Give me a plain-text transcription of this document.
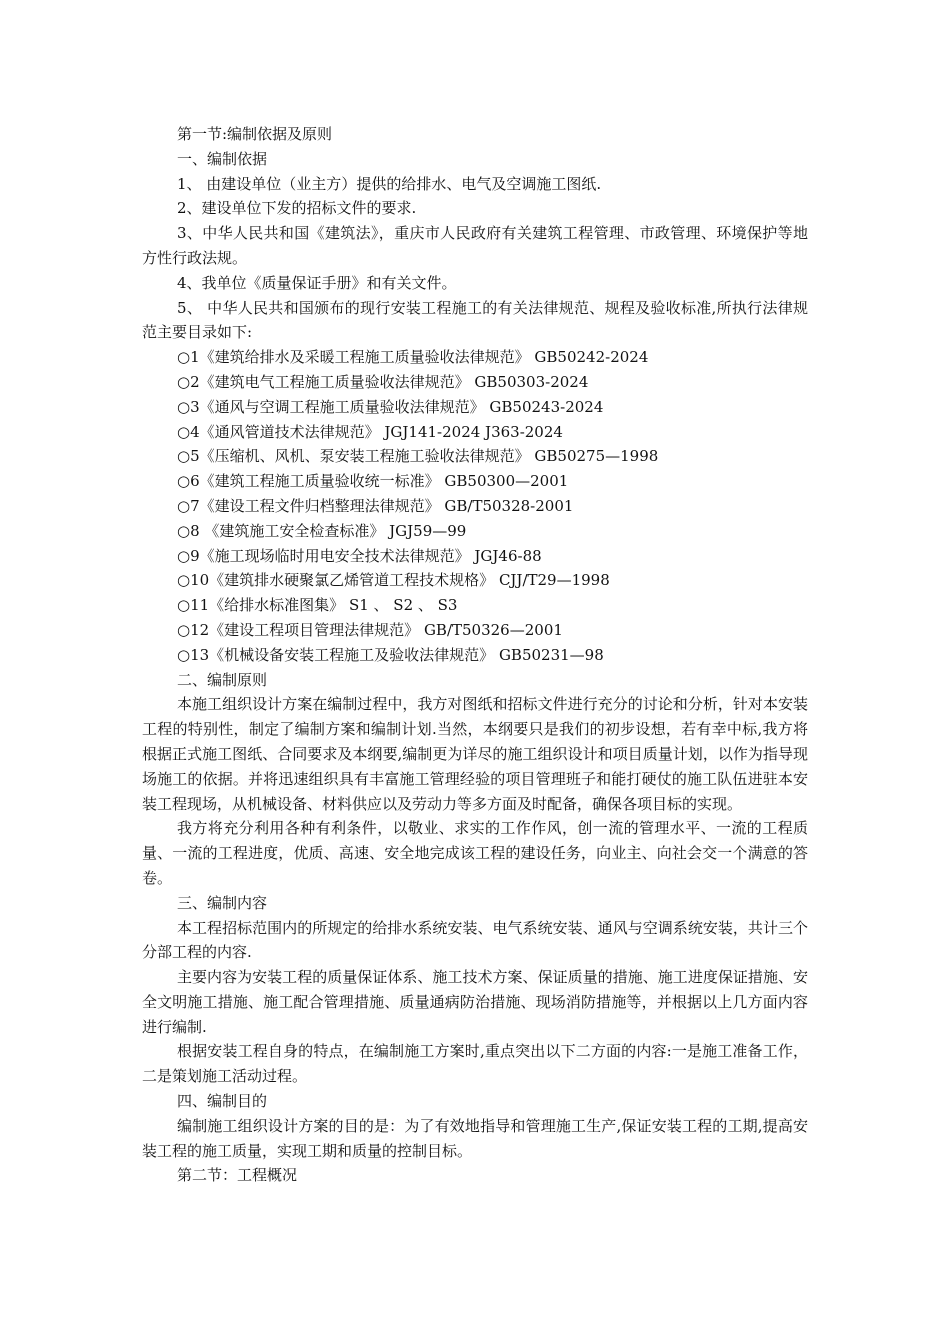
第一节:编制依据及原则

一、编制依据

1、 由建设单位（业主方）提供的给排水、电气及空调施工图纸.

2、建设单位下发的招标文件的要求.

3、中华人民共和国《建筑法》，重庆市人民政府有关建筑工程管理、市政管理、环境保护等地方性行政法规。

4、我单位《质量保证手册》和有关文件。

5、 中华人民共和国颁布的现行安装工程施工的有关法律规范、规程及验收标准,所执行法律规范主要目录如下:

○1《建筑给排水及采暖工程施工质量验收法律规范》 GB50242-2024

○2《建筑电气工程施工质量验收法律规范》 GB50303-2024

○3《通风与空调工程施工质量验收法律规范》 GB50243-2024

○4《通风管道技术法律规范》 JGJ141-2024 J363-2024

○5《压缩机、风机、泵安装工程施工验收法律规范》 GB50275—1998

○6《建筑工程施工质量验收统一标准》 GB50300—2001

○7《建设工程文件归档整理法律规范》 GB/T50328-2001

○8 《建筑施工安全检查标准》 JGJ59—99

○9《施工现场临时用电安全技术法律规范》 JGJ46-88

○10《建筑排水硬聚氯乙烯管道工程技术规格》 CJJ/T29—1998

○11《给排水标准图集》 S1 、 S2 、 S3

○12《建设工程项目管理法律规范》 GB/T50326—2001

○13《机械设备安装工程施工及验收法律规范》 GB50231—98

二、编制原则

本施工组织设计方案在编制过程中，我方对图纸和招标文件进行充分的讨论和分析，针对本安装工程的特别性，制定了编制方案和编制计划.当然，本纲要只是我们的初步设想，若有幸中标,我方将根据正式施工图纸、合同要求及本纲要,编制更为详尽的施工组织设计和项目质量计划，以作为指导现场施工的依据。并将迅速组织具有丰富施工管理经验的项目管理班子和能打硬仗的施工队伍进驻本安装工程现场，从机械设备、材料供应以及劳动力等多方面及时配备，确保各项目标的实现。

我方将充分利用各种有利条件，以敬业、求实的工作作风，创一流的管理水平、一流的工程质量、一流的工程进度，优质、高速、安全地完成该工程的建设任务，向业主、向社会交一个满意的答卷。

三、编制内容

本工程招标范围内的所规定的给排水系统安装、电气系统安装、通风与空调系统安装，共计三个分部工程的内容.

主要内容为安装工程的质量保证体系、施工技术方案、保证质量的措施、施工进度保证措施、安全文明施工措施、施工配合管理措施、质量通病防治措施、现场消防措施等，并根据以上几方面内容进行编制.

根据安装工程自身的特点，在编制施工方案时,重点突出以下二方面的内容:一是施工准备工作，二是策划施工活动过程。

四、编制目的

编制施工组织设计方案的目的是：为了有效地指导和管理施工生产,保证安装工程的工期,提高安装工程的施工质量，实现工期和质量的控制目标。

第二节：工程概况
